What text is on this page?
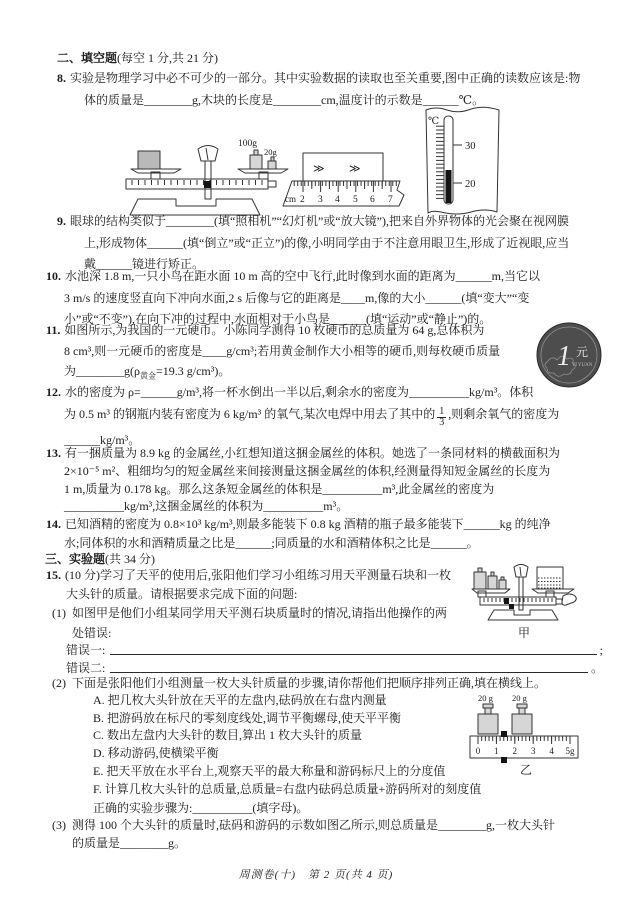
二、填空题(每空 1 分,共 21 分)
8. 实验是物理学习中必不可少的一部分。其中实验数据的读取也至关重要,图中正确的读数应该是:物
体的质量是________g,木块的长度是________cm,温度计的示数是______℃。
100g
20g
≫ ≫
cm 2 3 4 5 6 7
℃
30
20
9. 眼球的结构类似于________(填“照相机”“幻灯机”或“放大镜”),把来自外界物体的光会聚在视网膜
上,形成物体______(填“倒立”或“正立”)的像,小明同学由于不注意用眼卫生,形成了近视眼,应当
戴______镜进行矫正。
10. 水池深 1.8 m,一只小鸟在距水面 10 m 高的空中飞行,此时像到水面的距离为______m,当它以
3 m/s 的速度竖直向下冲向水面,2 s 后像与它的距离是____m,像的大小______(填“变大”“变
小”或“不变”),在向下冲的过程中,水面相对于小鸟是______(填“运动”或“静止”)的。
11. 如图所示,为我国的一元硬币。小陈同学测得 10 枚硬币的总质量为 64 g,总体积为
8 cm³,则一元硬币的密度是____g/cm³;若用黄金制作大小相等的硬币,则每枚硬币质量
为$\_\_\_\_\_\_\_\_g(\rho_{黄金}=19.3$ g/cm³)。	1 元
YI YUAN
12. 水的密度为 ρ=______g/m³,将一杯水倒出一半以后,剩余水的密度为__________kg/m³。体积
为 0.5 m³ 的钢瓶内装有密度为 6 kg/m³ 的氧气,某次电焊中用去了其中的 $\frac{1}{3}$ ,则剩余氧气的密度为
______kg/m³。
13. 有一捆质量为 8.9 kg 的金属丝,小红想知道这捆金属丝的体积。她选了一条同材料的横截面积为
2×10⁻⁵ m²、粗细均匀的短金属丝来间接测量这捆金属丝的体积,经测量得知短金属丝的长度为
1 m,质量为 0.178 kg。那么这条短金属丝的体积是__________m³,此金属丝的密度为
__________kg/m³,这捆金属丝的体积为__________m³。
14. 已知酒精的密度为 0.8×10³ kg/m³,则最多能装下 0.8 kg 酒精的瓶子最多能装下______kg 的纯净
水;同体积的水和酒精质量之比是______;同质量的水和酒精体积之比是______。
三、实验题(共 34 分)
15. (10 分)学习了天平的使用后,张阳他们学习小组练习用天平测量石块和一枚
大头针的质量。请根据要求完成下面的问题:
(1) 如图甲是他们小组某同学用天平测石块质量时的情况,请指出他操作的两
处错误:
错误一:	;
错误二:	。
甲
(2) 下面是张阳他们小组测量一枚大头针质量的步骤,请你帮他们把顺序排列正确,填在横线上。
A. 把几枚大头针放在天平的左盘内,砝码放在右盘内测量
B. 把游码放在标尺的零刻度线处,调节平衡螺母,使天平平衡
C. 数出左盘内大头针的数目,算出 1 枚大头针的质量
D. 移动游码,使横梁平衡
E. 把天平放在水平台上,观察天平的最大称量和游码标尺上的分度值
F. 计算几枚大头针的总质量,总质量=右盘内砝码总质量+游码所对的刻度值
20 g 20 g
0 1 2 3 4 5g
乙
正确的实验步骤为:__________(填字母)。
(3) 测得 100 个大头针的质量时,砝码和游码的示数如图乙所示,则总质量是________g,一枚大头针
的质量是________g。
周测卷(十)　第 2 页(共 4 页)
